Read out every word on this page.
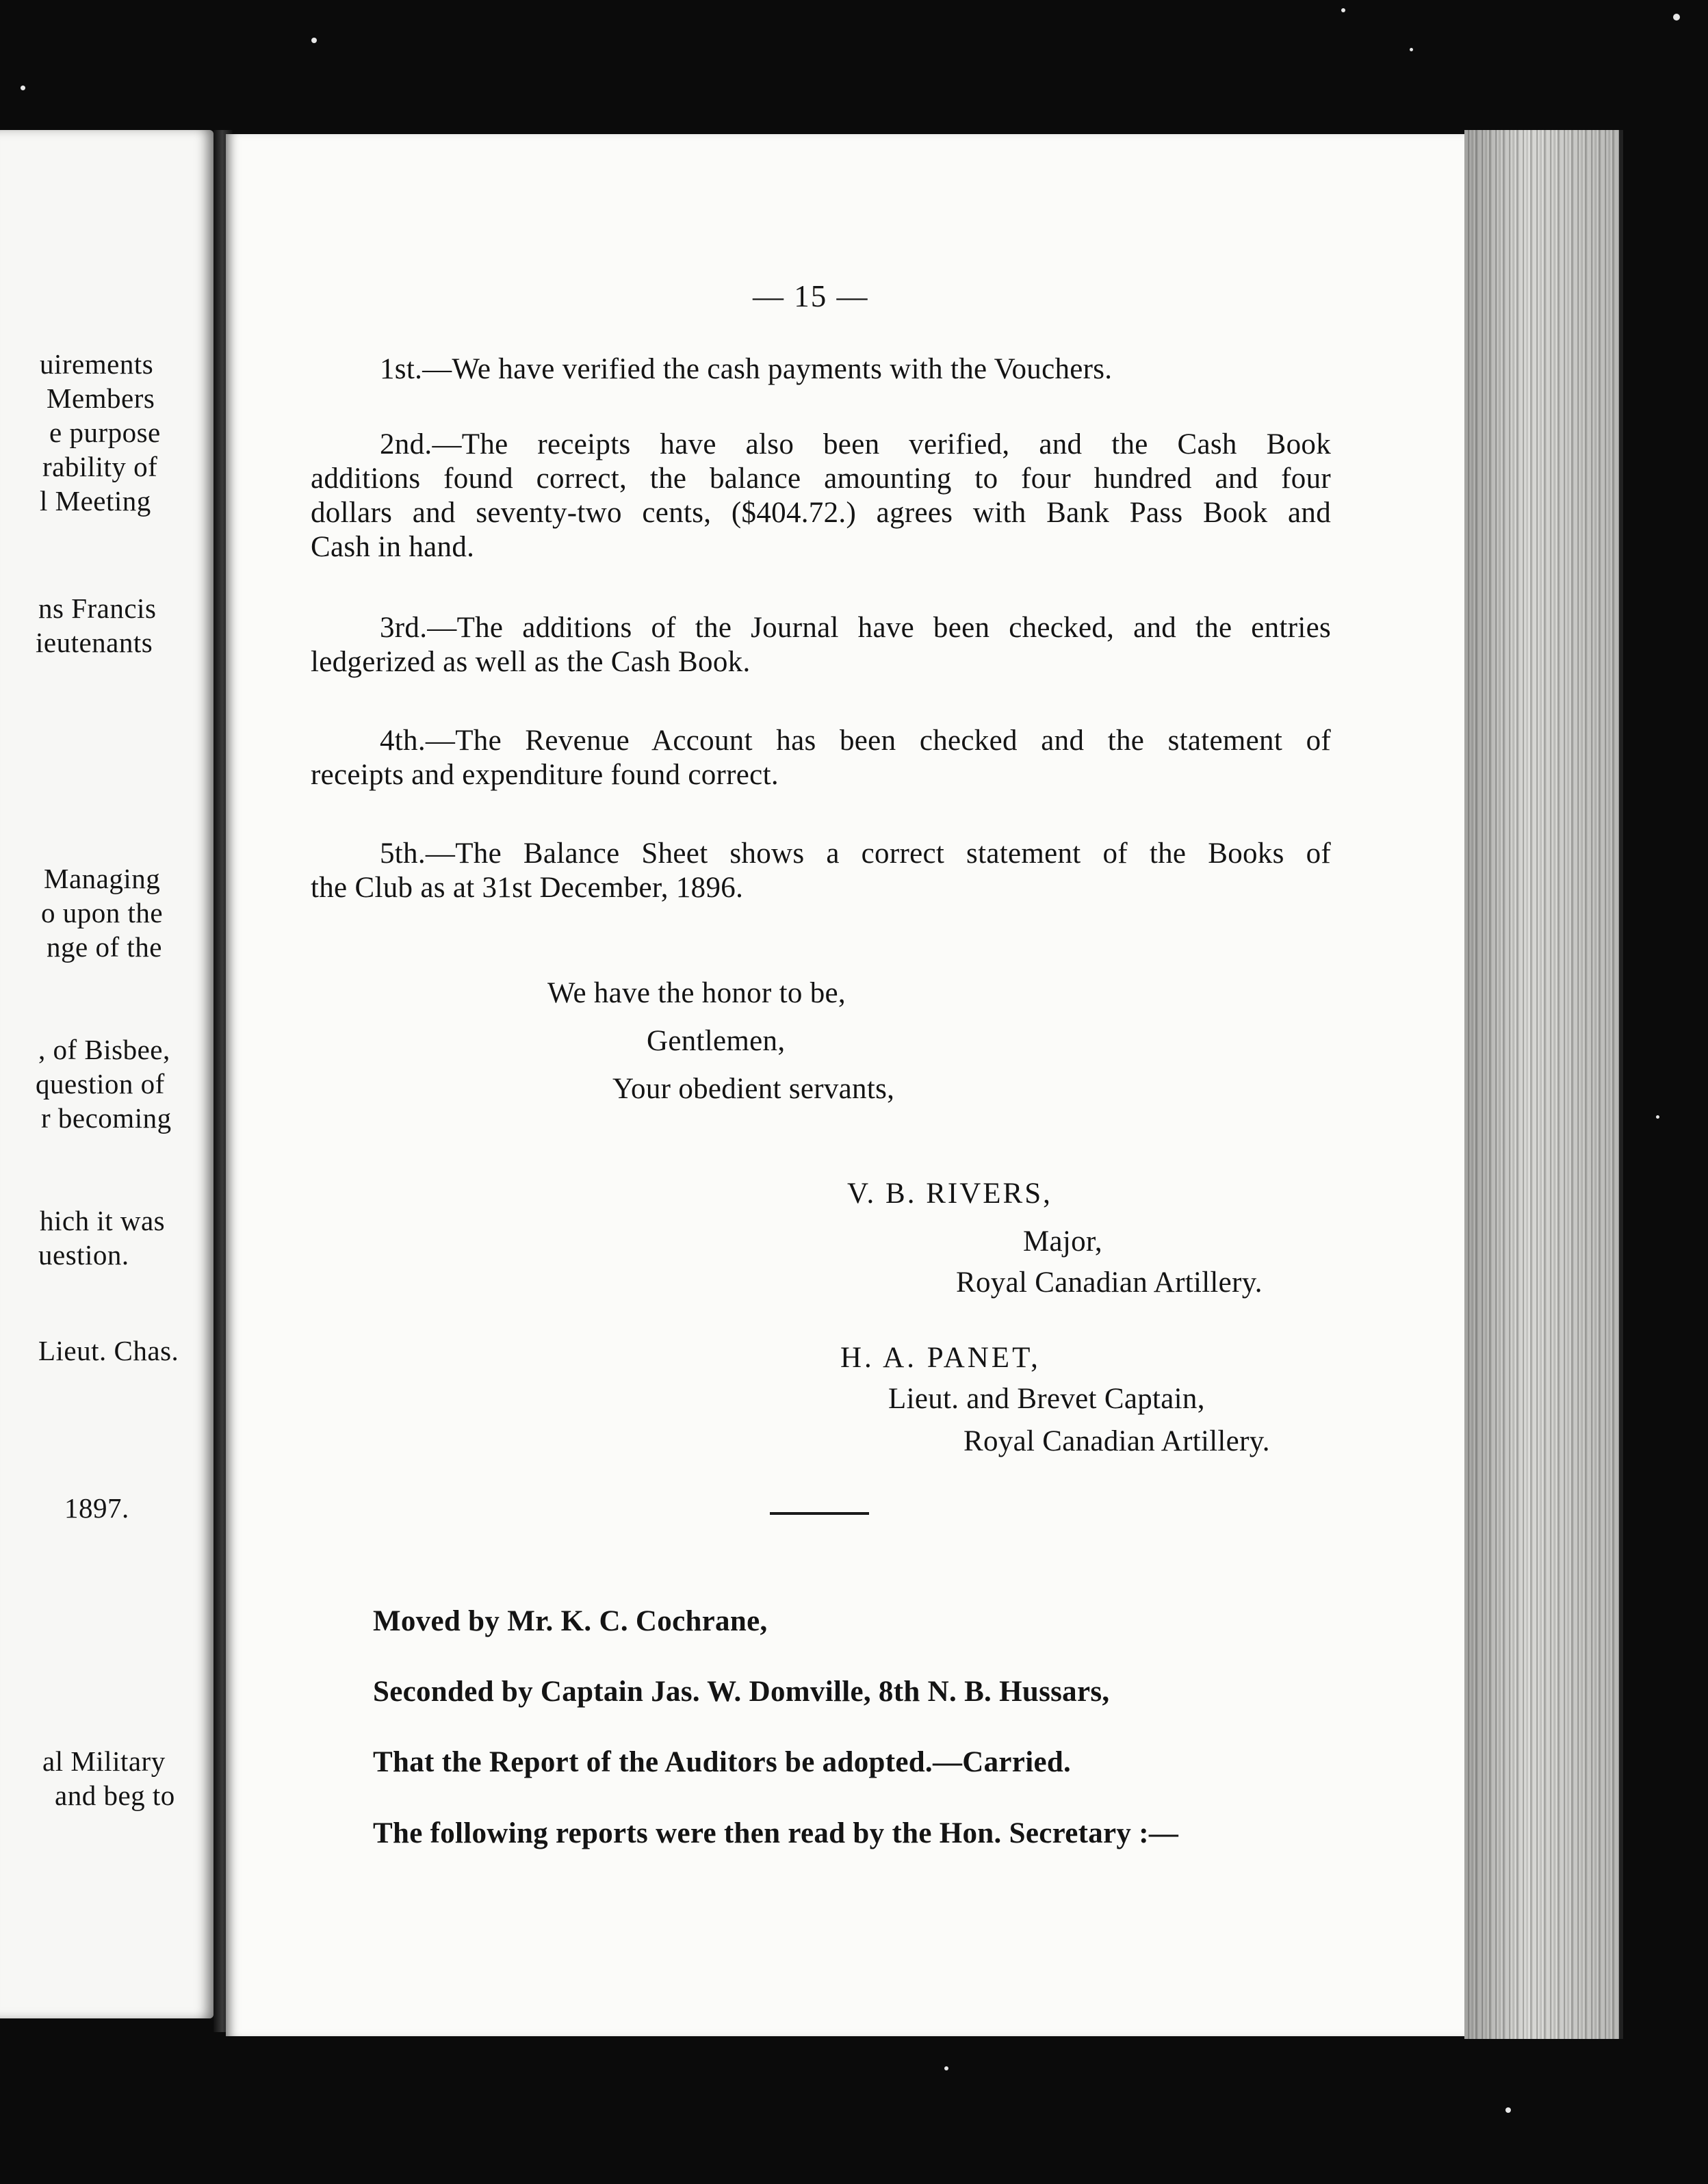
uirements
Members
e purpose
rability of
l Meeting
ns Francis
ieutenants
Managing
o upon the
nge of the
, of Bisbee,
question of
r becoming
hich it was
uestion.
Lieut. Chas.
1897.
al Military
and beg to
— 15 —
1st.—We have verified the cash payments with the Vouchers.
2nd.—The receipts have also been verified, and the Cash Book
additions found correct, the balance amounting to four hundred and four
dollars and seventy-two cents, ($404.72.) agrees with Bank Pass Book and
Cash in hand.
3rd.—The additions of the Journal have been checked, and the entries
ledgerized as well as the Cash Book.
4th.—The Revenue Account has been checked and the statement of
receipts and expenditure found correct.
5th.—The Balance Sheet shows a correct statement of the Books of
the Club as at 31st December, 1896.
We have the honor to be,
Gentlemen,
Your obedient servants,
V. B. RIVERS,
Major,
Royal Canadian Artillery.
H. A. PANET,
Lieut. and Brevet Captain,
Royal Canadian Artillery.
Moved by Mr. K. C. Cochrane,
Seconded by Captain Jas. W. Domville, 8th N. B. Hussars,
That the Report of the Auditors be adopted.—Carried.
The following reports were then read by the Hon. Secretary :—
